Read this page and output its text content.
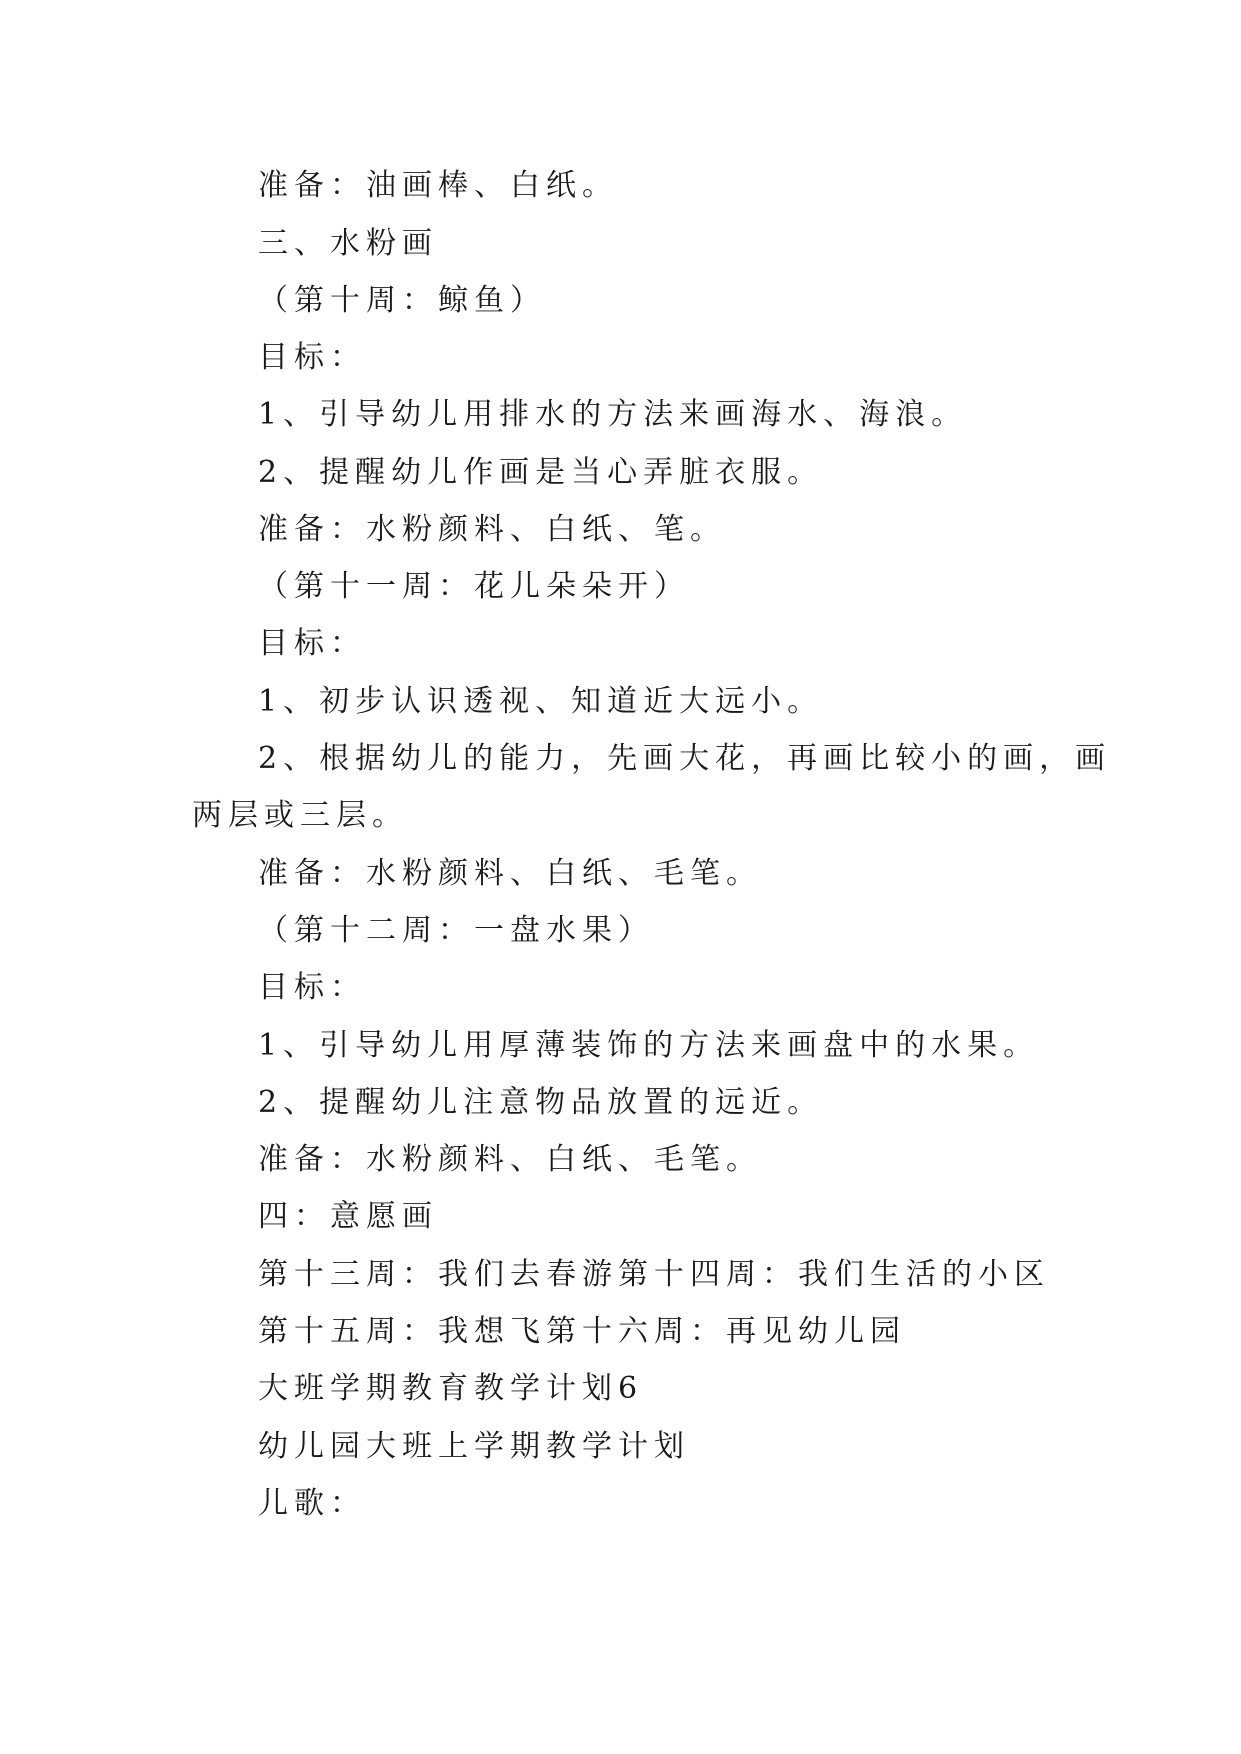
准备：油画棒、白纸。
三、水粉画
（第十周：鲸鱼）
目标：
1、引导幼儿用排水的方法来画海水、海浪。
2、提醒幼儿作画是当心弄脏衣服。
准备：水粉颜料、白纸、笔。
（第十一周：花儿朵朵开）
目标：
1、初步认识透视、知道近大远小。
2、根据幼儿的能力，先画大花，再画比较小的画，画
两层或三层。
准备：水粉颜料、白纸、毛笔。
（第十二周：一盘水果）
目标：
1、引导幼儿用厚薄装饰的方法来画盘中的水果。
2、提醒幼儿注意物品放置的远近。
准备：水粉颜料、白纸、毛笔。
四：意愿画
第十三周：我们去春游第十四周：我们生活的小区
第十五周：我想飞第十六周：再见幼儿园
大班学期教育教学计划6
幼儿园大班上学期教学计划
儿歌：
